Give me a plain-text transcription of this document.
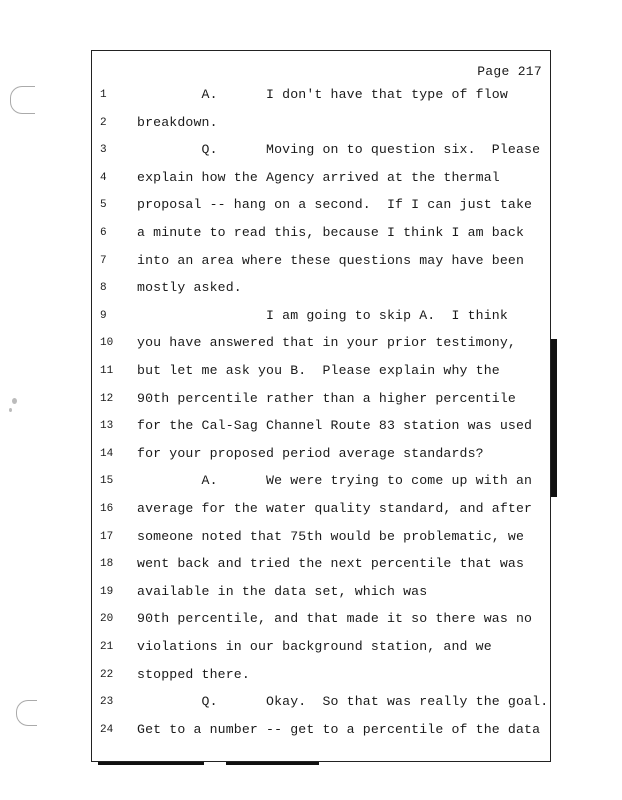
Page 217
1	A.      I don't have that type of flow
2	breakdown.
3	Q.      Moving on to question six.  Please
4	explain how the Agency arrived at the thermal
5	proposal -- hang on a second.  If I can just take
6	a minute to read this, because I think I am back
7	into an area where these questions may have been
8	mostly asked.
9	I am going to skip A.  I think
10	you have answered that in your prior testimony,
11	but let me ask you B.  Please explain why the
12	90th percentile rather than a higher percentile
13	for the Cal-Sag Channel Route 83 station was used
14	for your proposed period average standards?
15	A.      We were trying to come up with an
16	average for the water quality standard, and after
17	someone noted that 75th would be problematic, we
18	went back and tried the next percentile that was
19	available in the data set, which was
20	90th percentile, and that made it so there was no
21	violations in our background station, and we
22	stopped there.
23	Q.      Okay.  So that was really the goal.
24	Get to a number -- get to a percentile of the data
